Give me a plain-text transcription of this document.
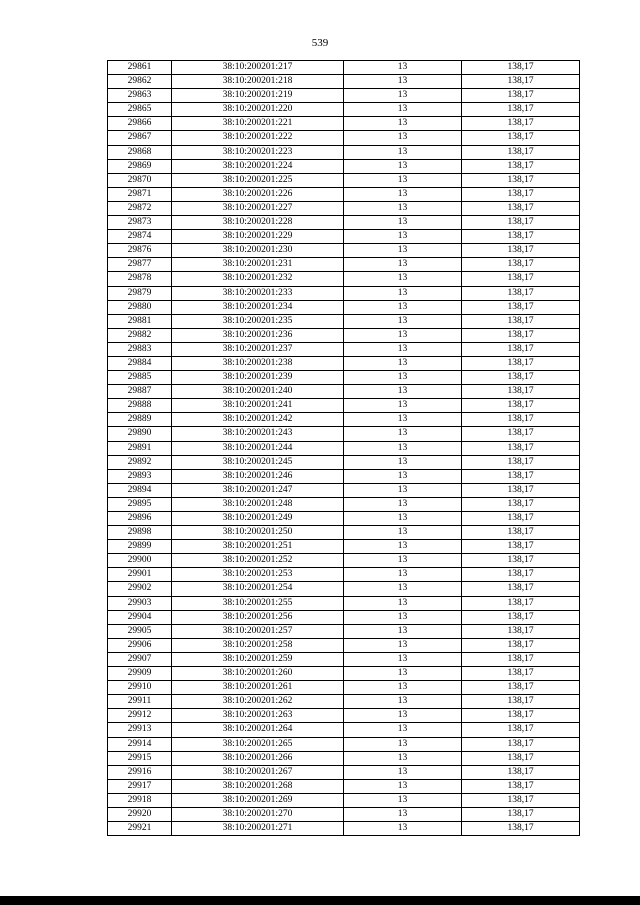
539
29861	38:10:200201:217	13	138,17
29862	38:10:200201:218	13	138,17
29863	38:10:200201:219	13	138,17
29865	38:10:200201:220	13	138,17
29866	38:10:200201:221	13	138,17
29867	38:10:200201:222	13	138,17
29868	38:10:200201:223	13	138,17
29869	38:10:200201:224	13	138,17
29870	38:10:200201:225	13	138,17
29871	38:10:200201:226	13	138,17
29872	38:10:200201:227	13	138,17
29873	38:10:200201:228	13	138,17
29874	38:10:200201:229	13	138,17
29876	38:10:200201:230	13	138,17
29877	38:10:200201:231	13	138,17
29878	38:10:200201:232	13	138,17
29879	38:10:200201:233	13	138,17
29880	38:10:200201:234	13	138,17
29881	38:10:200201:235	13	138,17
29882	38:10:200201:236	13	138,17
29883	38:10:200201:237	13	138,17
29884	38:10:200201:238	13	138,17
29885	38:10:200201:239	13	138,17
29887	38:10:200201:240	13	138,17
29888	38:10:200201:241	13	138,17
29889	38:10:200201:242	13	138,17
29890	38:10:200201:243	13	138,17
29891	38:10:200201:244	13	138,17
29892	38:10:200201:245	13	138,17
29893	38:10:200201:246	13	138,17
29894	38:10:200201:247	13	138,17
29895	38:10:200201:248	13	138,17
29896	38:10:200201:249	13	138,17
29898	38:10:200201:250	13	138,17
29899	38:10:200201:251	13	138,17
29900	38:10:200201:252	13	138,17
29901	38:10:200201:253	13	138,17
29902	38:10:200201:254	13	138,17
29903	38:10:200201:255	13	138,17
29904	38:10:200201:256	13	138,17
29905	38:10:200201:257	13	138,17
29906	38:10:200201:258	13	138,17
29907	38:10:200201:259	13	138,17
29909	38:10:200201:260	13	138,17
29910	38:10:200201:261	13	138,17
29911	38:10:200201:262	13	138,17
29912	38:10:200201:263	13	138,17
29913	38:10:200201:264	13	138,17
29914	38:10:200201:265	13	138,17
29915	38:10:200201:266	13	138,17
29916	38:10:200201:267	13	138,17
29917	38:10:200201:268	13	138,17
29918	38:10:200201:269	13	138,17
29920	38:10:200201:270	13	138,17
29921	38:10:200201:271	13	138,17
